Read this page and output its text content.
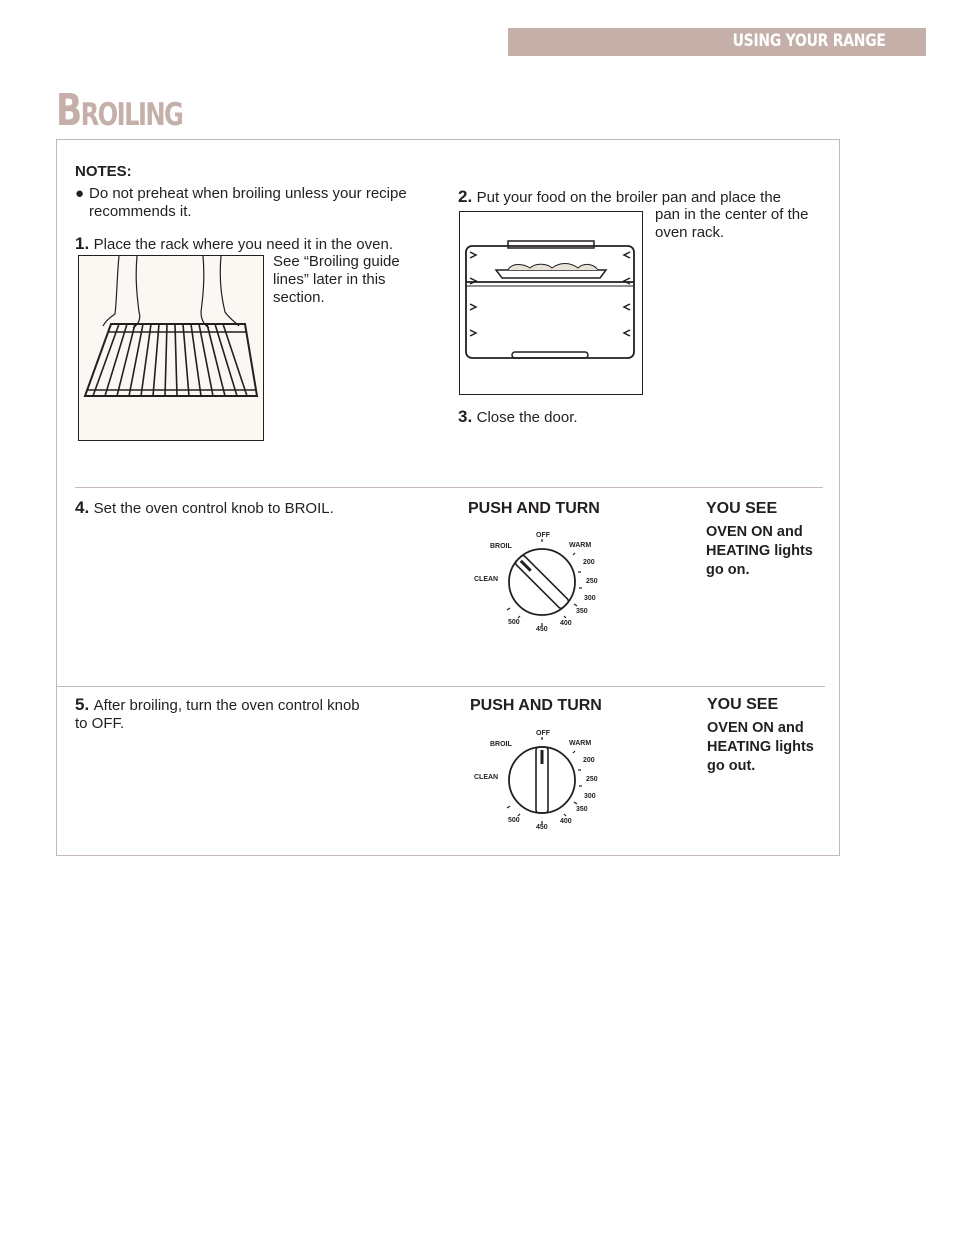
USING YOUR RANGE
Broiling
NOTES:
● Do not preheat when broiling unless your recipe recommends it.
1. Place the rack where you need it in the oven.
See “Broiling guide lines” later in this section.
2. Put your food on the broiler pan and place the
pan in the center of the oven rack.
3. Close the door.
4. Set the oven control knob to BROIL.	PUSH AND TURN	YOU SEE
OVEN ON and HEATING lights go on.
OFF
BROIL	WARM
200
CLEAN	250
300
350
400
450
500
5. After broiling, turn the oven control knob to OFF.
PUSH AND TURN	YOU SEE
OVEN ON and HEATING lights go out.
OFF
BROIL	WARM
200
CLEAN	250
300
350
400
450
500
